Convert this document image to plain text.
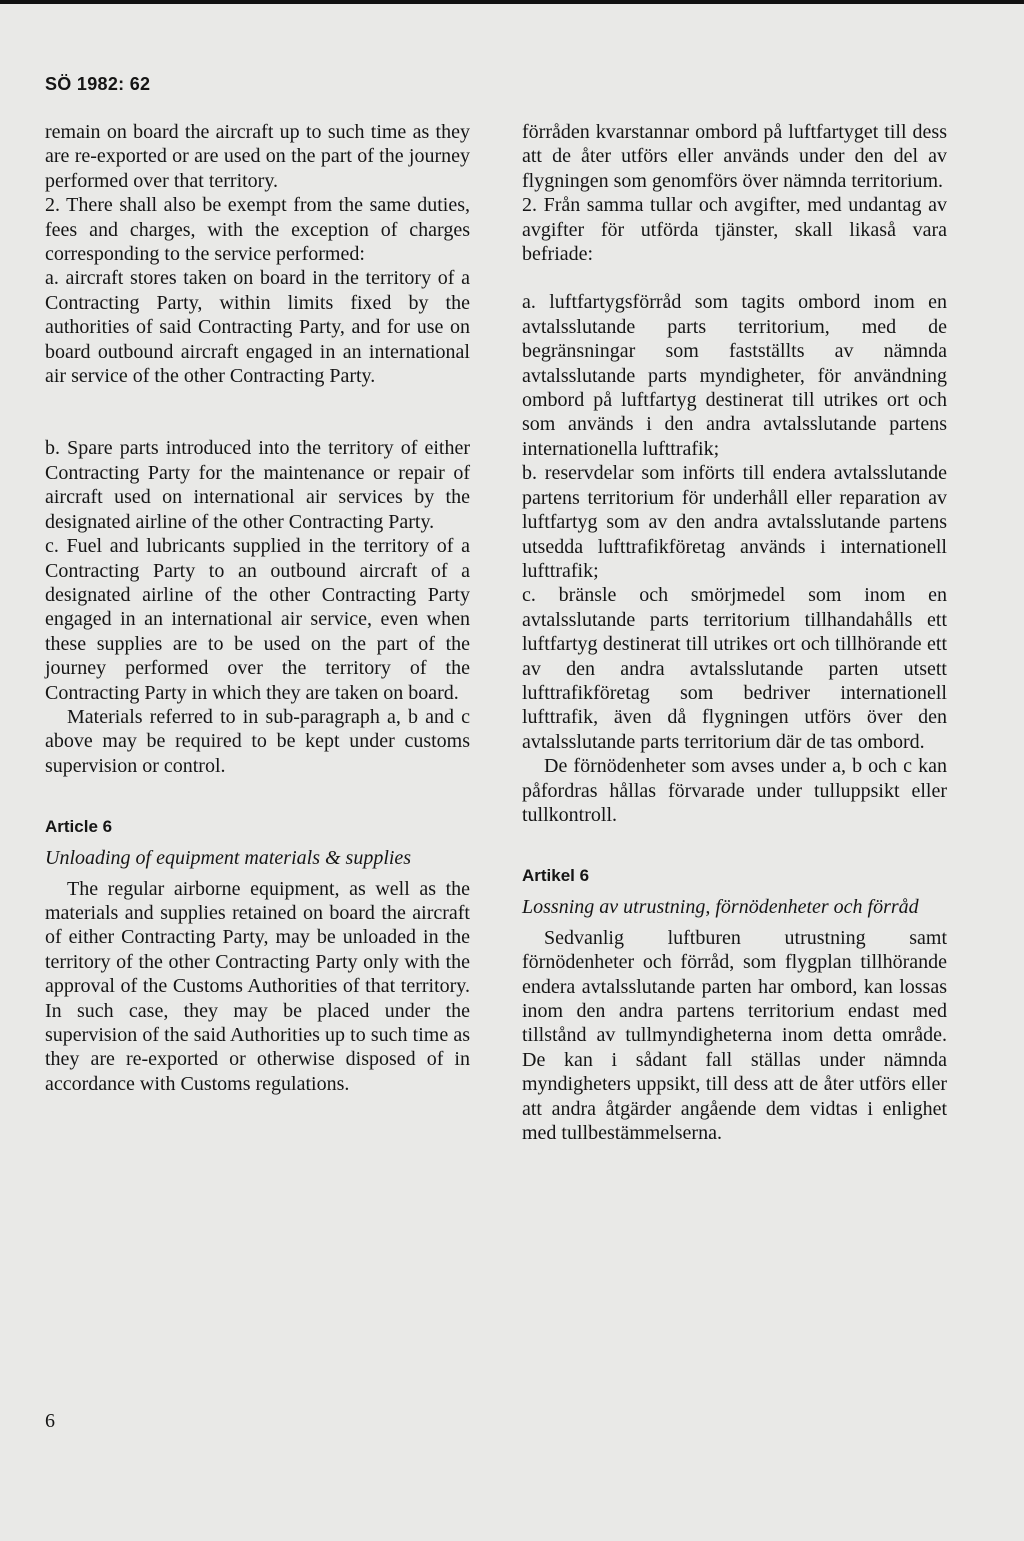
SÖ 1982: 62

remain on board the aircraft up to such time as they are re-exported or are used on the part of the journey performed over that territory.

2. There shall also be exempt from the same duties, fees and charges, with the exception of charges corresponding to the service performed:

a. aircraft stores taken on board in the territory of a Contracting Party, within limits fixed by the authorities of said Contracting Party, and for use on board outbound aircraft engaged in an international air service of the other Contracting Party.

b. Spare parts introduced into the territory of either Contracting Party for the maintenance or repair of aircraft used on international air services by the designated airline of the other Contracting Party.

c. Fuel and lubricants supplied in the territory of a Contracting Party to an outbound aircraft of a designated airline of the other Contracting Party engaged in an international air service, even when these supplies are to be used on the part of the journey performed over the territory of the Contracting Party in which they are taken on board.

Materials referred to in sub-paragraph a, b and c above may be required to be kept under customs supervision or control.

Article 6

Unloading of equipment materials & supplies

The regular airborne equipment, as well as the materials and supplies retained on board the aircraft of either Contracting Party, may be unloaded in the territory of the other Contracting Party only with the approval of the Customs Authorities of that territory. In such case, they may be placed under the supervision of the said Authorities up to such time as they are re-exported or otherwise disposed of in accordance with Customs regulations.

förråden kvarstannar ombord på luftfartyget till dess att de åter utförs eller används under den del av flygningen som genomförs över nämnda territorium.

2. Från samma tullar och avgifter, med undantag av avgifter för utförda tjänster, skall likaså vara befriade:

a. luftfartygsförråd som tagits ombord inom en avtalsslutande parts territorium, med de begränsningar som fastställts av nämnda avtalsslutande parts myndigheter, för användning ombord på luftfartyg destinerat till utrikes ort och som används i den andra avtalsslutande partens internationella lufttrafik;

b. reservdelar som införts till endera avtalsslutande partens territorium för underhåll eller reparation av luftfartyg som av den andra avtalsslutande partens utsedda lufttrafikföretag används i internationell lufttrafik;

c. bränsle och smörjmedel som inom en avtalsslutande parts territorium tillhandahålls ett luftfartyg destinerat till utrikes ort och tillhörande ett av den andra avtalsslutande parten utsett lufttrafikföretag som bedriver internationell lufttrafik, även då flygningen utförs över den avtalsslutande parts territorium där de tas ombord.

De förnödenheter som avses under a, b och c kan påfordras hållas förvarade under tulluppsikt eller tullkontroll.

Artikel 6

Lossning av utrustning, förnödenheter och förråd

Sedvanlig luftburen utrustning samt förnödenheter och förråd, som flygplan tillhörande endera avtalsslutande parten har ombord, kan lossas inom den andra partens territorium endast med tillstånd av tullmyndigheterna inom detta område. De kan i sådant fall ställas under nämnda myndigheters uppsikt, till dess att de åter utförs eller att andra åtgärder angående dem vidtas i enlighet med tullbestämmelserna.

6
